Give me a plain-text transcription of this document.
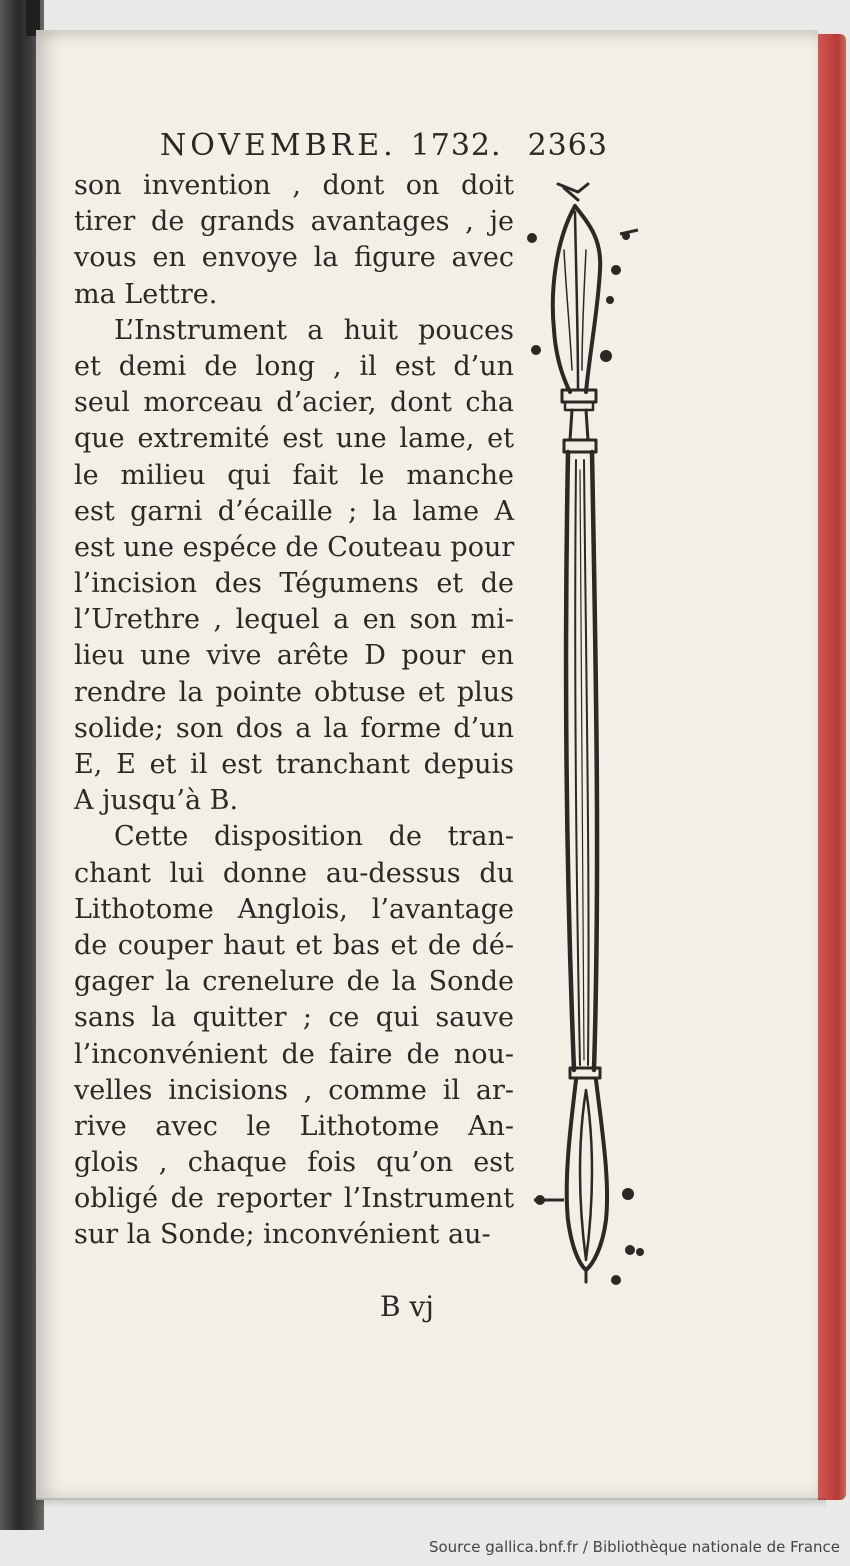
NOVEMBRE. 1732. 2363
son invention , dont on doit
tirer de grands avantages , je
vous en envoye la figure avec
ma Lettre.
L’Instrument a huit pouces
et demi de long , il est d’un
seul morceau d’acier, dont cha
que extremité est une lame, et
le milieu qui fait le manche
est garni d’écaille ; la lame A
est une espéce de Couteau pour
l’incision des Tégumens et de
l’Urethre , lequel a en son mi-
lieu une vive arête D pour en
rendre la pointe obtuse et plus
solide; son dos a la forme d’un
E, E et il est tranchant depuis
A jusqu’à B.
Cette disposition de tran-
chant lui donne au-dessus du
Lithotome Anglois, l’avantage
de couper haut et bas et de dé-
gager la crenelure de la Sonde
sans la quitter ; ce qui sauve
l’inconvénient de faire de nou-
velles incisions , comme il ar-
rive avec le Lithotome An-
glois , chaque fois qu’on est
obligé de reporter l’Instrument
sur la Sonde; inconvénient au-
B vj
Source gallica.bnf.fr / Bibliothèque nationale de France
